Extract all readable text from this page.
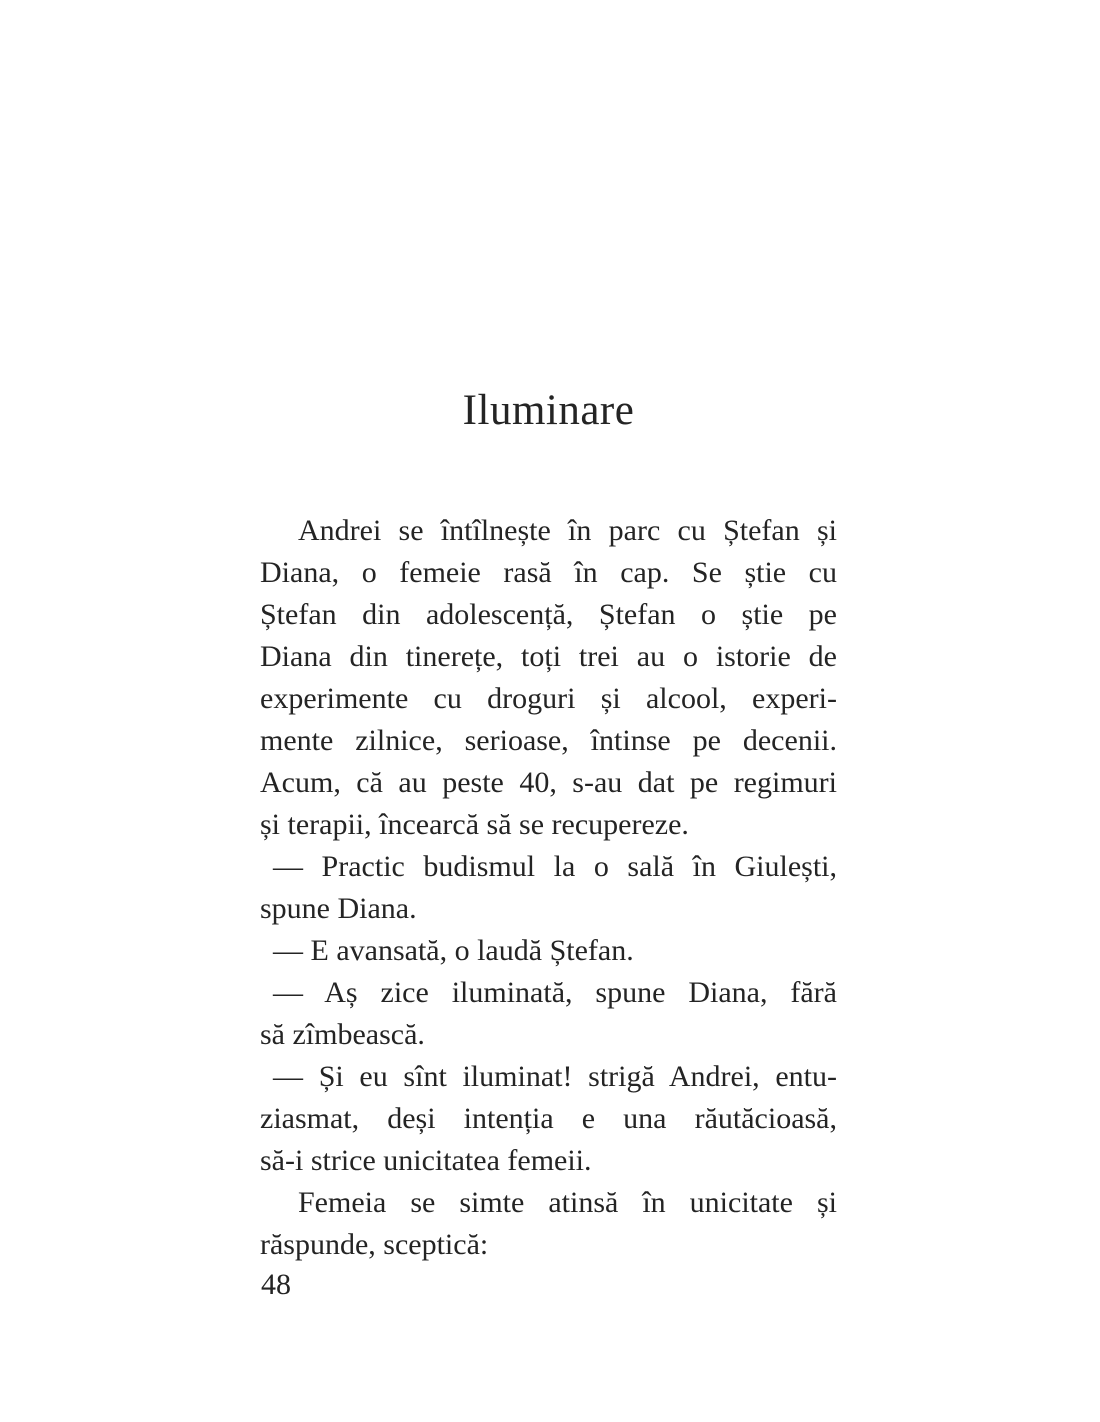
Iluminare
Andrei se întîlnește în parc cu Ștefan și
Diana, o femeie rasă în cap. Se știe cu
Ștefan din adolescență, Ștefan o știe pe
Diana din tinerețe, toți trei au o istorie de
experimente cu droguri și alcool, experi-
mente zilnice, serioase, întinse pe decenii.
Acum, că au peste 40, s-au dat pe regimuri
și terapii, încearcă să se recupereze.
— Practic budismul la o sală în Giulești,
spune Diana.
— E avansată, o laudă Ștefan.
— Aș zice iluminată, spune Diana, fără
să zîmbească.
— Și eu sînt iluminat! strigă Andrei, entu-
ziasmat, deși intenția e una răutăcioasă,
să-i strice unicitatea femeii.
Femeia se simte atinsă în unicitate și
răspunde, sceptică:
48
